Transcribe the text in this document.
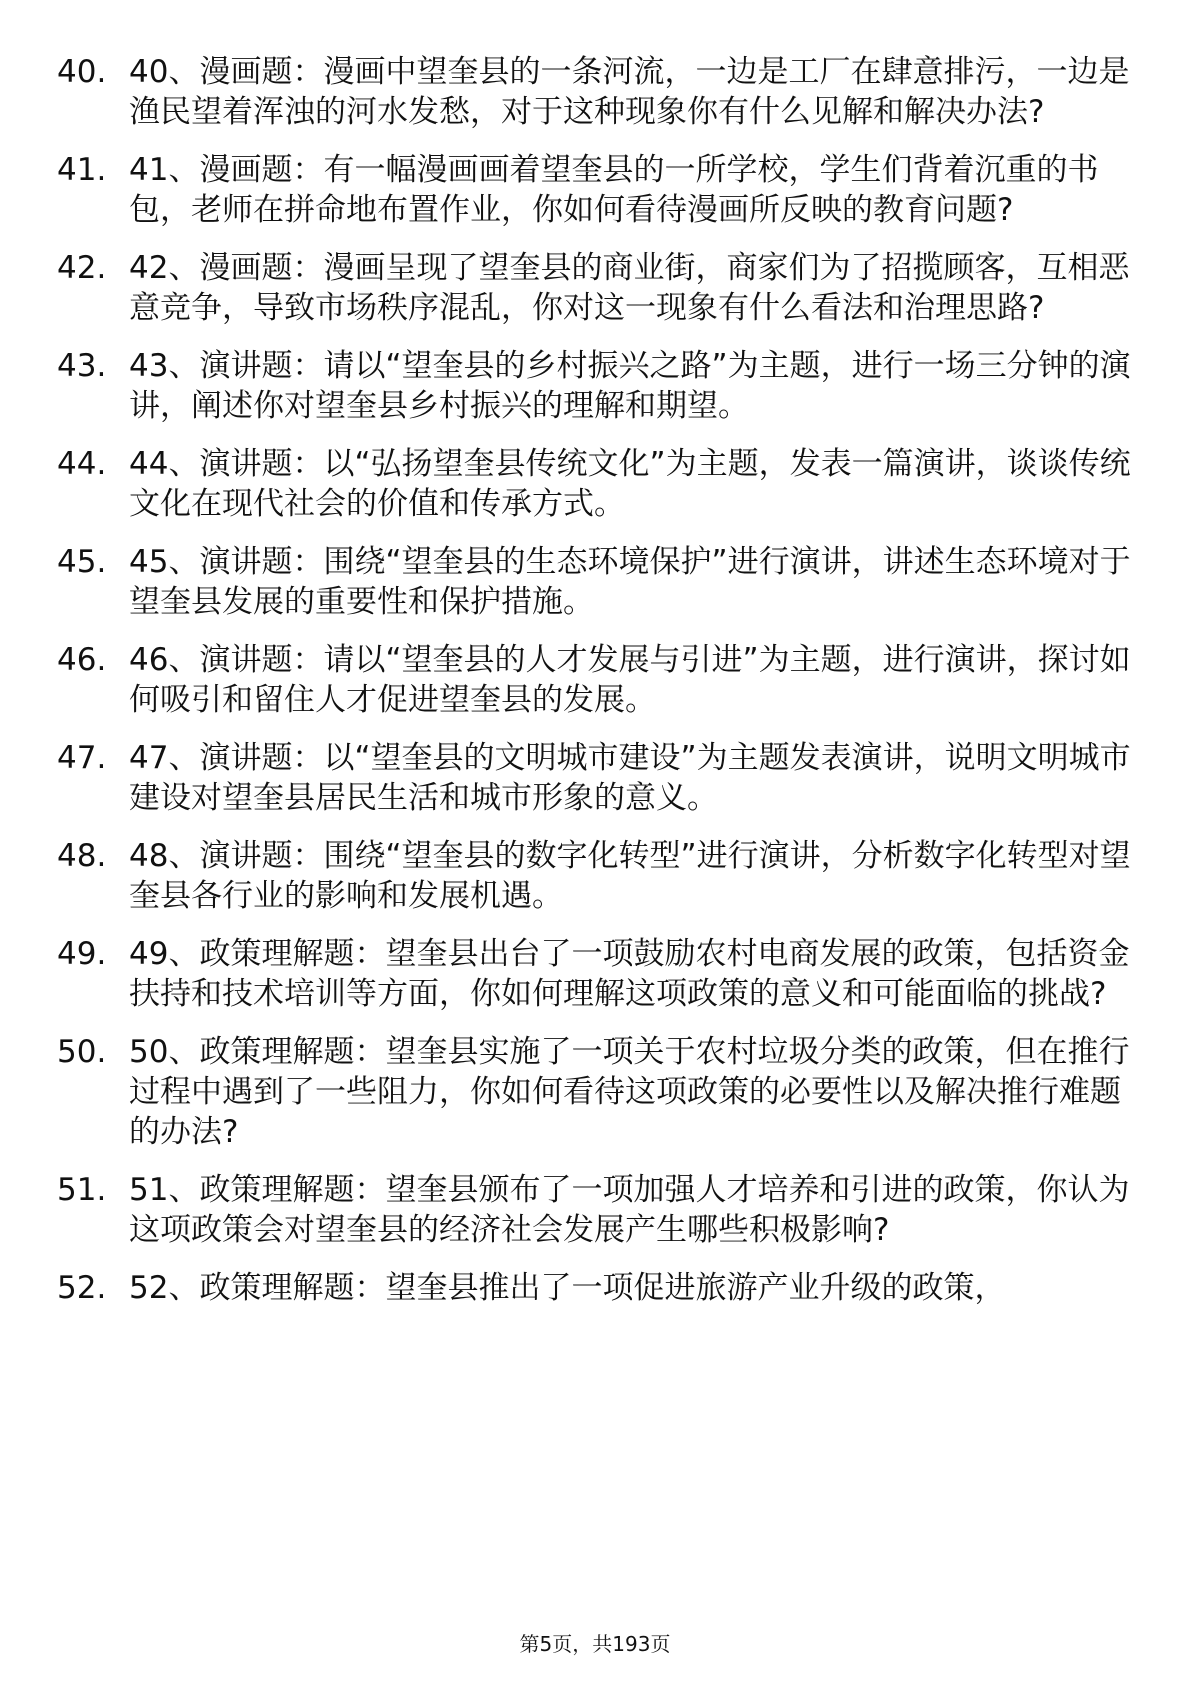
40. 40、漫画题：漫画中望奎县的一条河流，一边是工厂在肆意排污，一边是渔民望着浑浊的河水发愁，对于这种现象你有什么见解和解决办法?
41. 41、漫画题：有一幅漫画画着望奎县的一所学校，学生们背着沉重的书包，老师在拼命地布置作业，你如何看待漫画所反映的教育问题?
42. 42、漫画题：漫画呈现了望奎县的商业街，商家们为了招揽顾客，互相恶意竞争，导致市场秩序混乱，你对这一现象有什么看法和治理思路?
43. 43、演讲题：请以“望奎县的乡村振兴之路”为主题，进行一场三分钟的演讲，阐述你对望奎县乡村振兴的理解和期望。
44. 44、演讲题：以“弘扬望奎县传统文化”为主题，发表一篇演讲，谈谈传统文化在现代社会的价值和传承方式。
45. 45、演讲题：围绕“望奎县的生态环境保护”进行演讲，讲述生态环境对于望奎县发展的重要性和保护措施。
46. 46、演讲题：请以“望奎县的人才发展与引进”为主题，进行演讲，探讨如何吸引和留住人才促进望奎县的发展。
47. 47、演讲题：以“望奎县的文明城市建设”为主题发表演讲，说明文明城市建设对望奎县居民生活和城市形象的意义。
48. 48、演讲题：围绕“望奎县的数字化转型”进行演讲，分析数字化转型对望奎县各行业的影响和发展机遇。
49. 49、政策理解题：望奎县出台了一项鼓励农村电商发展的政策，包括资金扶持和技术培训等方面，你如何理解这项政策的意义和可能面临的挑战?
50. 50、政策理解题：望奎县实施了一项关于农村垃圾分类的政策，但在推行过程中遇到了一些阻力，你如何看待这项政策的必要性以及解决推行难题的办法?
51. 51、政策理解题：望奎县颁布了一项加强人才培养和引进的政策，你认为这项政策会对望奎县的经济社会发展产生哪些积极影响?
52. 52、政策理解题：望奎县推出了一项促进旅游产业升级的政策，
第5页，共193页
